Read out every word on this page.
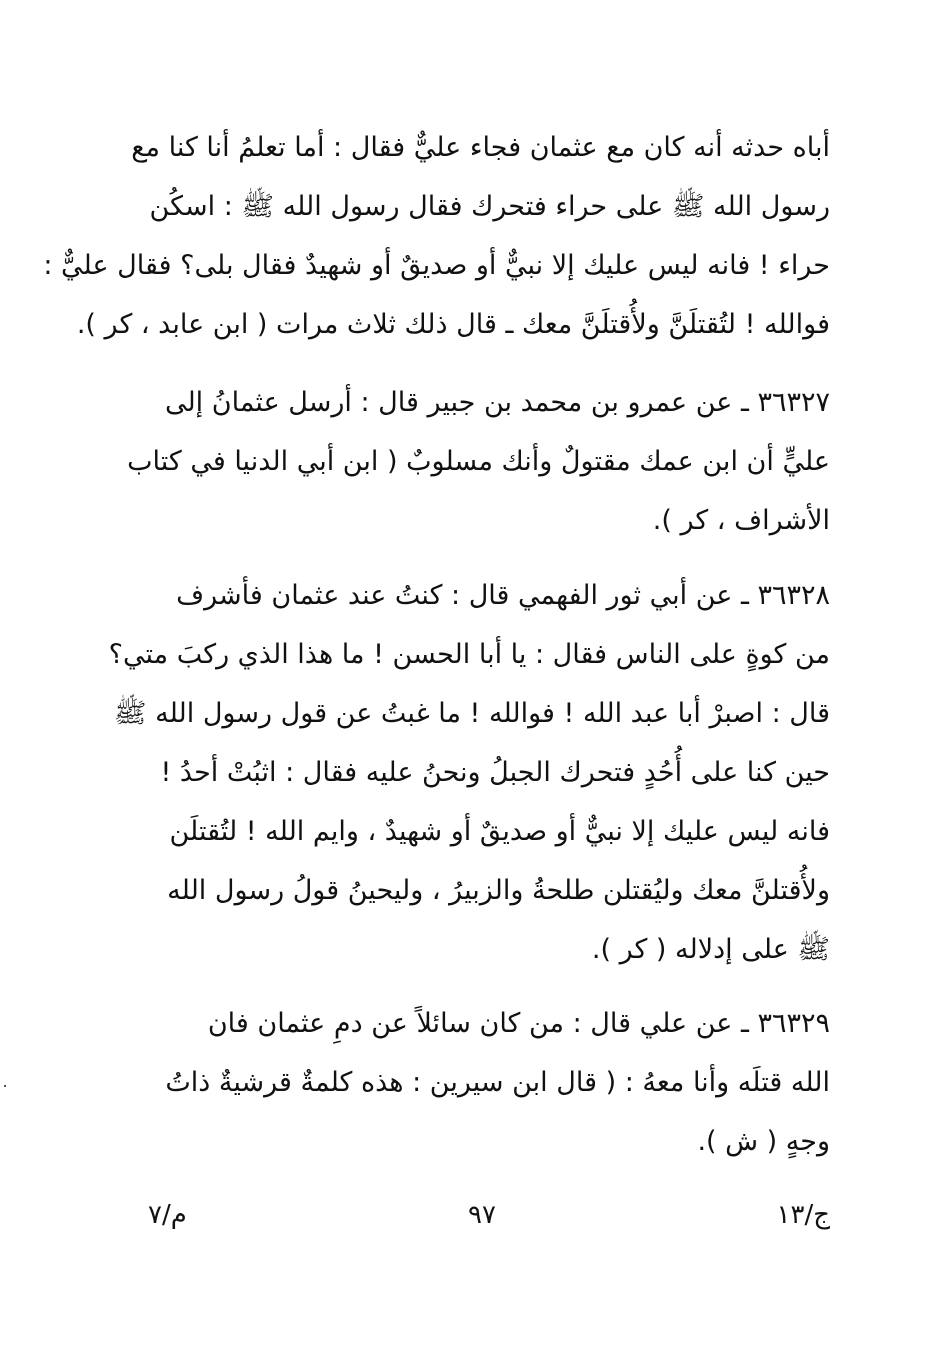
أباه حدثه أنه كان مع عثمان فجاء عليٌّ فقال : أما تعلمُ أنا كنا مع
رسول الله ﷺ على حراء فتحرك فقال رسول الله ﷺ : اسكُن
حراء ! فانه ليس عليك إلا نبيٌّ أو صديقٌ أو شهيدٌ فقال بلى؟ فقال عليٌّ :
فوالله ! لتُقتلَنَّ ولأُقتلَنَّ معك ـ قال ذلك ثلاث مرات ( ابن عابد ، كر ).
٣٦٣٢٧ ـ عن عمرو بن محمد بن جبير قال : أرسل عثمانُ إلى
عليٍّ أن ابن عمك مقتولٌ وأنك مسلوبٌ ( ابن أبي الدنيا في كتاب
الأشراف ، كر ).
٣٦٣٢٨ ـ عن أبي ثور الفهمي قال : كنتُ عند عثمان فأشرف
من كوةٍ على الناس فقال : يا أبا الحسن ! ما هذا الذي ركبَ متي؟
قال : اصبرْ أبا عبد الله ! فوالله ! ما غبتُ عن قول رسول الله ﷺ
حين كنا على أُحُدٍ فتحرك الجبلُ ونحنُ عليه فقال : اثبُتْ أحدُ !
فانه ليس عليك إلا نبيٌّ أو صديقٌ أو شهيدٌ ، وايم الله ! لتُقتلَن
ولأُقتلنَّ معك وليُقتلن طلحةُ والزبيرُ ، وليحينُ قولُ رسول الله
ﷺ على إدلاله ( كر ).
٣٦٣٢٩ ـ عن علي قال : من كان سائلاً عن دمِ عثمان فان
الله قتلَه وأنا معهُ : ( قال ابن سيرين : هذه كلمةٌ قرشيةٌ ذاتُ
وجهٍ ( ش ).
ج/١٣
٩٧
م/٧
